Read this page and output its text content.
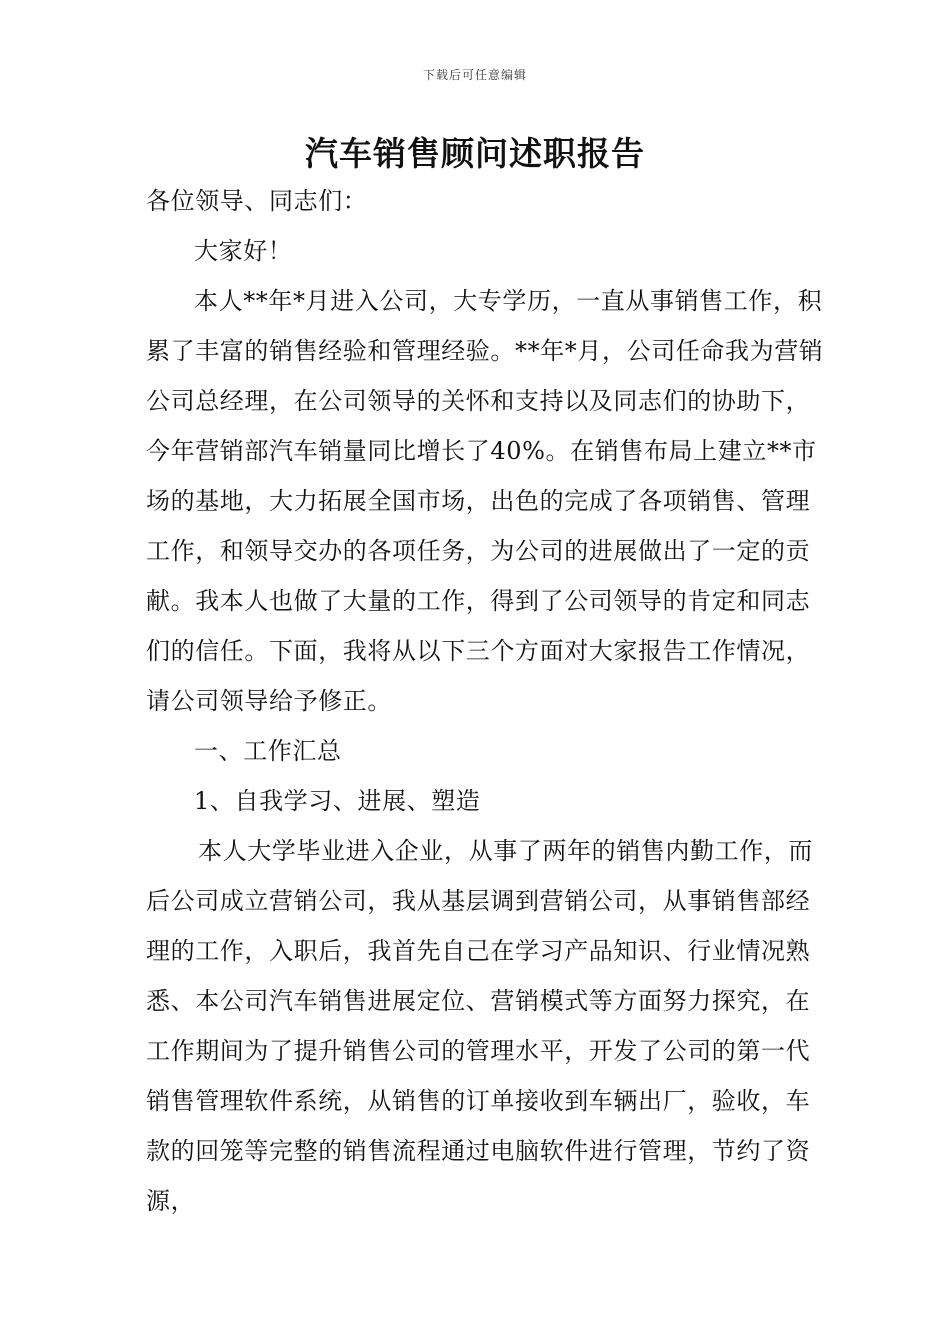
下载后可任意编辑
汽车销售顾问述职报告

各位领导、同志们：

大家好！

本人**年*月进入公司，大专学历，一直从事销售工作，积累了丰富的销售经验和管理经验。**年*月，公司任命我为营销公司总经理，在公司领导的关怀和支持以及同志们的协助下，今年营销部汽车销量同比增长了40%。在销售布局上建立**市场的基地，大力拓展全国市场，出色的完成了各项销售、管理工作，和领导交办的各项任务，为公司的进展做出了一定的贡献。我本人也做了大量的工作，得到了公司领导的肯定和同志们的信任。下面，我将从以下三个方面对大家报告工作情况，请公司领导给予修正。

一、工作汇总

1、自我学习、进展、塑造

本人大学毕业进入企业，从事了两年的销售内勤工作，而后公司成立营销公司，我从基层调到营销公司，从事销售部经理的工作，入职后，我首先自己在学习产品知识、行业情况熟悉、本公司汽车销售进展定位、营销模式等方面努力探究，在工作期间为了提升销售公司的管理水平，开发了公司的第一代销售管理软件系统，从销售的订单接收到车辆出厂，验收，车款的回笼等完整的销售流程通过电脑软件进行管理，节约了资源，
